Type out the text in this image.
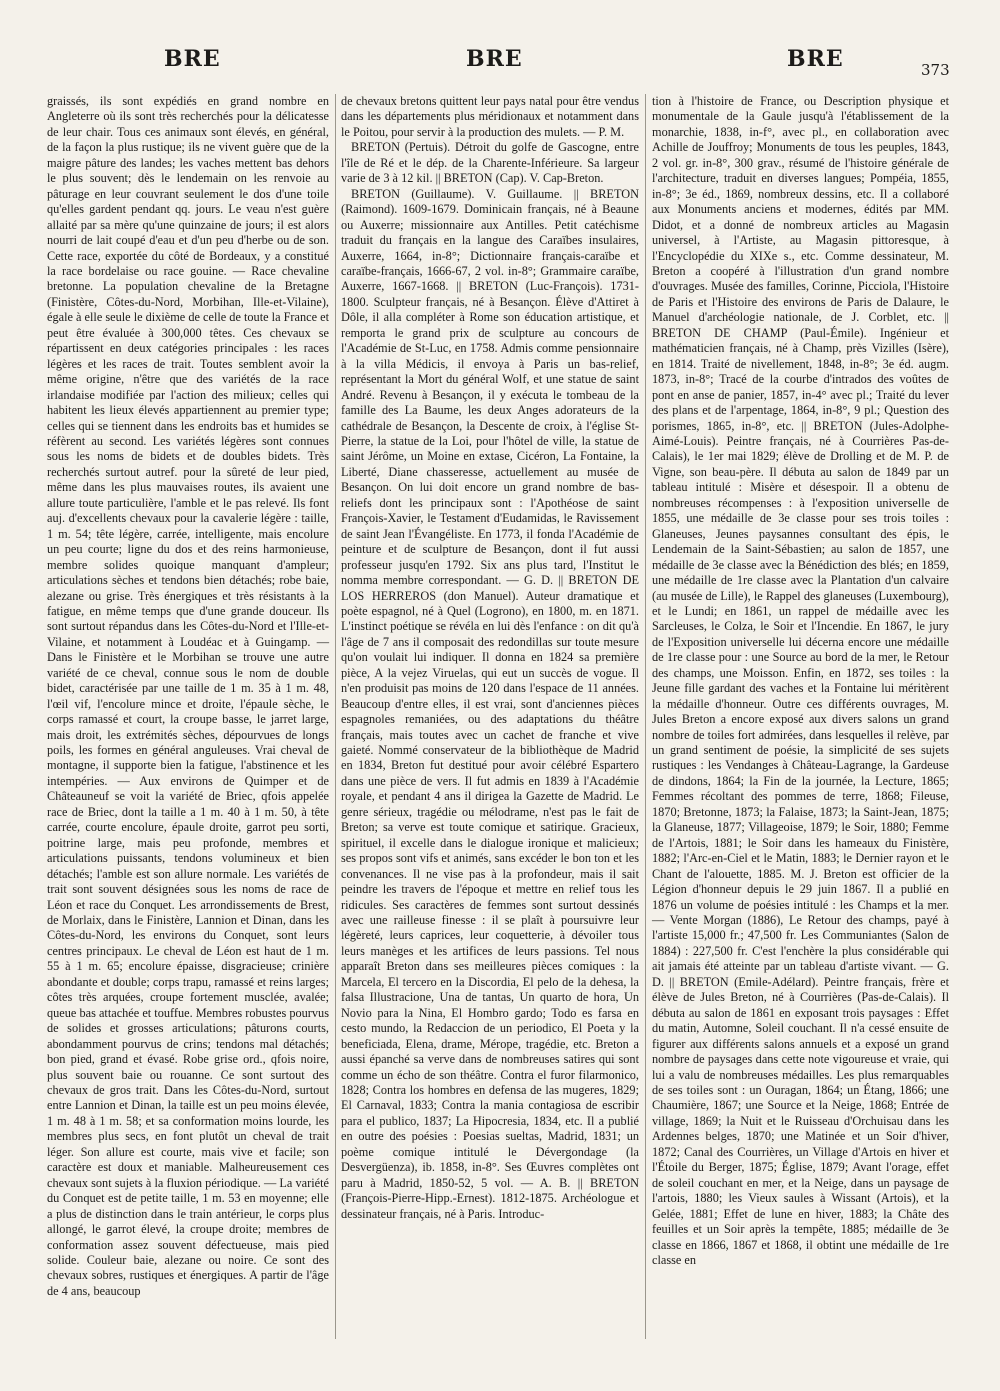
BRE	BRE	BRE	373

graissés, ils sont expédiés en grand nombre en Angleterre où ils sont très recherchés pour la délicatesse de leur chair. Tous ces animaux sont élevés, en général, de la façon la plus rustique; ils ne vivent guère que de la maigre pâture des landes; les vaches mettent bas dehors le plus souvent; dès le lendemain on les renvoie au pâturage en leur couvrant seulement le dos d'une toile qu'elles gardent pendant qq. jours. Le veau n'est guère allaité par sa mère qu'une quinzaine de jours; il est alors nourri de lait coupé d'eau et d'un peu d'herbe ou de son. Cette race, exportée du côté de Bordeaux, y a constitué la race bordelaise ou race gouine. — Race chevaline bretonne. La population chevaline de la Bretagne (Finistère, Côtes-du-Nord, Morbihan, Ille-et-Vilaine), égale à elle seule le dixième de celle de toute la France et peut être évaluée à 300,000 têtes. Ces chevaux se répartissent en deux catégories principales : les races légères et les races de trait. Toutes semblent avoir la même origine, n'être que des variétés de la race irlandaise modifiée par l'action des milieux; celles qui habitent les lieux élevés appartiennent au premier type; celles qui se tiennent dans les endroits bas et humides se réfèrent au second. Les variétés légères sont connues sous les noms de bidets et de doubles bidets. Très recherchés surtout autref. pour la sûreté de leur pied, même dans les plus mauvaises routes, ils avaient une allure toute particulière, l'amble et le pas relevé. Ils font auj. d'excellents chevaux pour la cavalerie légère : taille, 1 m. 54; tête légère, carrée, intelligente, mais encolure un peu courte; ligne du dos et des reins harmonieuse, membre solides quoique manquant d'ampleur; articulations sèches et tendons bien détachés; robe baie, alezane ou grise. Très énergiques et très résistants à la fatigue, en même temps que d'une grande douceur. Ils sont surtout répandus dans les Côtes-du-Nord et l'Ille-et-Vilaine, et notamment à Loudéac et à Guingamp. — Dans le Finistère et le Morbihan se trouve une autre variété de ce cheval, connue sous le nom de double bidet, caractérisée par une taille de 1 m. 35 à 1 m. 48, l'œil vif, l'encolure mince et droite, l'épaule sèche, le corps ramassé et court, la croupe basse, le jarret large, mais droit, les extrémités sèches, dépourvues de longs poils, les formes en général anguleuses. Vrai cheval de montagne, il supporte bien la fatigue, l'abstinence et les intempéries. — Aux environs de Quimper et de Châteauneuf se voit la variété de Briec, qfois appelée race de Briec, dont la taille a 1 m. 40 à 1 m. 50, à tête carrée, courte encolure, épaule droite, garrot peu sorti, poitrine large, mais peu profonde, membres et articulations puissants, tendons volumineux et bien détachés; l'amble est son allure normale. Les variétés de trait sont souvent désignées sous les noms de race de Léon et race du Conquet. Les arrondissements de Brest, de Morlaix, dans le Finistère, Lannion et Dinan, dans les Côtes-du-Nord, les environs du Conquet, sont leurs centres principaux. Le cheval de Léon est haut de 1 m. 55 à 1 m. 65; encolure épaisse, disgracieuse; crinière abondante et double; corps trapu, ramassé et reins larges; côtes très arquées, croupe fortement musclée, avalée; queue bas attachée et touffue. Membres robustes pourvus de solides et grosses articulations; pâturons courts, abondamment pourvus de crins; tendons mal détachés; bon pied, grand et évasé. Robe grise ord., qfois noire, plus souvent baie ou rouanne. Ce sont surtout des chevaux de gros trait. Dans les Côtes-du-Nord, surtout entre Lannion et Dinan, la taille est un peu moins élevée, 1 m. 48 à 1 m. 58; et sa conformation moins lourde, les membres plus secs, en font plutôt un cheval de trait léger. Son allure est courte, mais vive et facile; son caractère est doux et maniable. Malheureusement ces chevaux sont sujets à la fluxion périodique. — La variété du Conquet est de petite taille, 1 m. 53 en moyenne; elle a plus de distinction dans le train antérieur, le corps plus allongé, le garrot élevé, la croupe droite; membres de conformation assez souvent défectueuse, mais pied solide. Couleur baie, alezane ou noire. Ce sont des chevaux sobres, rustiques et énergiques. A partir de l'âge de 4 ans, beaucoup

de chevaux bretons quittent leur pays natal pour être vendus dans les départements plus méridionaux et notamment dans le Poitou, pour servir à la production des mulets. — P. M.

BRETON (Pertuis). Détroit du golfe de Gascogne, entre l'île de Ré et le dép. de la Charente-Inférieure. Sa largeur varie de 3 à 12 kil. || BRETON (Cap). V. Cap-Breton.

BRETON (Guillaume). V. Guillaume. || BRETON (Raimond). 1609-1679. Dominicain français, né à Beaune ou Auxerre; missionnaire aux Antilles. Petit catéchisme traduit du français en la langue des Caraïbes insulaires, Auxerre, 1664, in-8°; Dictionnaire français-caraïbe et caraïbe-français, 1666-67, 2 vol. in-8°; Grammaire caraïbe, Auxerre, 1667-1668. || BRETON (Luc-François). 1731-1800. Sculpteur français, né à Besançon. Élève d'Attiret à Dôle, il alla compléter à Rome son éducation artistique, et remporta le grand prix de sculpture au concours de l'Académie de St-Luc, en 1758. Admis comme pensionnaire à la villa Médicis, il envoya à Paris un bas-relief, représentant la Mort du général Wolf, et une statue de saint André. Revenu à Besançon, il y exécuta le tombeau de la famille des La Baume, les deux Anges adorateurs de la cathédrale de Besançon, la Descente de croix, à l'église St-Pierre, la statue de la Loi, pour l'hôtel de ville, la statue de saint Jérôme, un Moine en extase, Cicéron, La Fontaine, la Liberté, Diane chasseresse, actuellement au musée de Besançon. On lui doit encore un grand nombre de bas-reliefs dont les principaux sont : l'Apothéose de saint François-Xavier, le Testament d'Eudamidas, le Ravissement de saint Jean l'Évangéliste. En 1773, il fonda l'Académie de peinture et de sculpture de Besançon, dont il fut aussi professeur jusqu'en 1792. Six ans plus tard, l'Institut le nomma membre correspondant. — G. D. || BRETON DE LOS HERREROS (don Manuel). Auteur dramatique et poète espagnol, né à Quel (Logrono), en 1800, m. en 1871. L'instinct poétique se révéla en lui dès l'enfance : on dit qu'à l'âge de 7 ans il composait des redondillas sur toute mesure qu'on voulait lui indiquer. Il donna en 1824 sa première pièce, A la vejez Viruelas, qui eut un succès de vogue. Il n'en produisit pas moins de 120 dans l'espace de 11 années. Beaucoup d'entre elles, il est vrai, sont d'anciennes pièces espagnoles remaniées, ou des adaptations du théâtre français, mais toutes avec un cachet de franche et vive gaieté. Nommé conservateur de la bibliothèque de Madrid en 1834, Breton fut destitué pour avoir célébré Espartero dans une pièce de vers. Il fut admis en 1839 à l'Académie royale, et pendant 4 ans il dirigea la Gazette de Madrid. Le genre sérieux, tragédie ou mélodrame, n'est pas le fait de Breton; sa verve est toute comique et satirique. Gracieux, spirituel, il excelle dans le dialogue ironique et malicieux; ses propos sont vifs et animés, sans excéder le bon ton et les convenances. Il ne vise pas à la profondeur, mais il sait peindre les travers de l'époque et mettre en relief tous les ridicules. Ses caractères de femmes sont surtout dessinés avec une railleuse finesse : il se plaît à poursuivre leur légèreté, leurs caprices, leur coquetterie, à dévoiler tous leurs manèges et les artifices de leurs passions. Tel nous apparaît Breton dans ses meilleures pièces comiques : la Marcela, El tercero en la Discordia, El pelo de la dehesa, la falsa Illustracione, Una de tantas, Un quarto de hora, Un Novio para la Nina, El Hombro gardo; Todo es farsa en cesto mundo, la Redaccion de un periodico, El Poeta y la beneficiada, Elena, drame, Mérope, tragédie, etc. Breton a aussi épanché sa verve dans de nombreuses satires qui sont comme un écho de son théâtre. Contra el furor filarmonico, 1828; Contra los hombres en defensa de las mugeres, 1829; El Carnaval, 1833; Contra la mania contagiosa de escribir para el publico, 1837; La Hipocresia, 1834, etc. Il a publié en outre des poésies : Poesias sueltas, Madrid, 1831; un poème comique intitulé le Dévergondage (la Desvergüenza), ib. 1858, in-8°. Ses Œuvres complètes ont paru à Madrid, 1850-52, 5 vol. — A. B. || BRETON (François-Pierre-Hipp.-Ernest). 1812-1875. Archéologue et dessinateur français, né à Paris. Introduc-

tion à l'histoire de France, ou Description physique et monumentale de la Gaule jusqu'à l'établissement de la monarchie, 1838, in-f°, avec pl., en collaboration avec Achille de Jouffroy; Monuments de tous les peuples, 1843, 2 vol. gr. in-8°, 300 grav., résumé de l'histoire générale de l'architecture, traduit en diverses langues; Pompéia, 1855, in-8°; 3e éd., 1869, nombreux dessins, etc. Il a collaboré aux Monuments anciens et modernes, édités par MM. Didot, et a donné de nombreux articles au Magasin universel, à l'Artiste, au Magasin pittoresque, à l'Encyclopédie du XIXe s., etc. Comme dessinateur, M. Breton a coopéré à l'illustration d'un grand nombre d'ouvrages. Musée des familles, Corinne, Picciola, l'Histoire de Paris et l'Histoire des environs de Paris de Dalaure, le Manuel d'archéologie nationale, de J. Corblet, etc. || BRETON DE CHAMP (Paul-Émile). Ingénieur et mathématicien français, né à Champ, près Vizilles (Isère), en 1814. Traité de nivellement, 1848, in-8°; 3e éd. augm. 1873, in-8°; Tracé de la courbe d'intrados des voûtes de pont en anse de panier, 1857, in-4° avec pl.; Traité du lever des plans et de l'arpentage, 1864, in-8°, 9 pl.; Question des porismes, 1865, in-8°, etc. || BRETON (Jules-Adolphe-Aimé-Louis). Peintre français, né à Courrières Pas-de-Calais), le 1er mai 1829; élève de Drolling et de M. P. de Vigne, son beau-père. Il débuta au salon de 1849 par un tableau intitulé : Misère et désespoir. Il a obtenu de nombreuses récompenses : à l'exposition universelle de 1855, une médaille de 3e classe pour ses trois toiles : Glaneuses, Jeunes paysannes consultant des épis, le Lendemain de la Saint-Sébastien; au salon de 1857, une médaille de 3e classe avec la Bénédiction des blés; en 1859, une médaille de 1re classe avec la Plantation d'un calvaire (au musée de Lille), le Rappel des glaneuses (Luxembourg), et le Lundi; en 1861, un rappel de médaille avec les Sarcleuses, le Colza, le Soir et l'Incendie. En 1867, le jury de l'Exposition universelle lui décerna encore une médaille de 1re classe pour : une Source au bord de la mer, le Retour des champs, une Moisson. Enfin, en 1872, ses toiles : la Jeune fille gardant des vaches et la Fontaine lui méritèrent la médaille d'honneur. Outre ces différents ouvrages, M. Jules Breton a encore exposé aux divers salons un grand nombre de toiles fort admirées, dans lesquelles il relève, par un grand sentiment de poésie, la simplicité de ses sujets rustiques : les Vendanges à Château-Lagrange, la Gardeuse de dindons, 1864; la Fin de la journée, la Lecture, 1865; Femmes récoltant des pommes de terre, 1868; Fileuse, 1870; Bretonne, 1873; la Falaise, 1873; la Saint-Jean, 1875; la Glaneuse, 1877; Villageoise, 1879; le Soir, 1880; Femme de l'Artois, 1881; le Soir dans les hameaux du Finistère, 1882; l'Arc-en-Ciel et le Matin, 1883; le Dernier rayon et le Chant de l'alouette, 1885. M. J. Breton est officier de la Légion d'honneur depuis le 29 juin 1867. Il a publié en 1876 un volume de poésies intitulé : les Champs et la mer. — Vente Morgan (1886), Le Retour des champs, payé à l'artiste 15,000 fr.; 47,500 fr. Les Communiantes (Salon de 1884) : 227,500 fr. C'est l'enchère la plus considérable qui ait jamais été atteinte par un tableau d'artiste vivant. — G. D. || BRETON (Emile-Adélard). Peintre français, frère et élève de Jules Breton, né à Courrières (Pas-de-Calais). Il débuta au salon de 1861 en exposant trois paysages : Effet du matin, Automne, Soleil couchant. Il n'a cessé ensuite de figurer aux différents salons annuels et a exposé un grand nombre de paysages dans cette note vigoureuse et vraie, qui lui a valu de nombreuses médailles. Les plus remarquables de ses toiles sont : un Ouragan, 1864; un Étang, 1866; une Chaumière, 1867; une Source et la Neige, 1868; Entrée de village, 1869; la Nuit et le Ruisseau d'Orchuisau dans les Ardennes belges, 1870; une Matinée et un Soir d'hiver, 1872; Canal des Courrières, un Village d'Artois en hiver et l'Étoile du Berger, 1875; Église, 1879; Avant l'orage, effet de soleil couchant en mer, et la Neige, dans un paysage de l'artois, 1880; les Vieux saules à Wissant (Artois), et la Gelée, 1881; Effet de lune en hiver, 1883; la Châte des feuilles et un Soir après la tempête, 1885; médaille de 3e classe en 1866, 1867 et 1868, il obtint une médaille de 1re classe en
